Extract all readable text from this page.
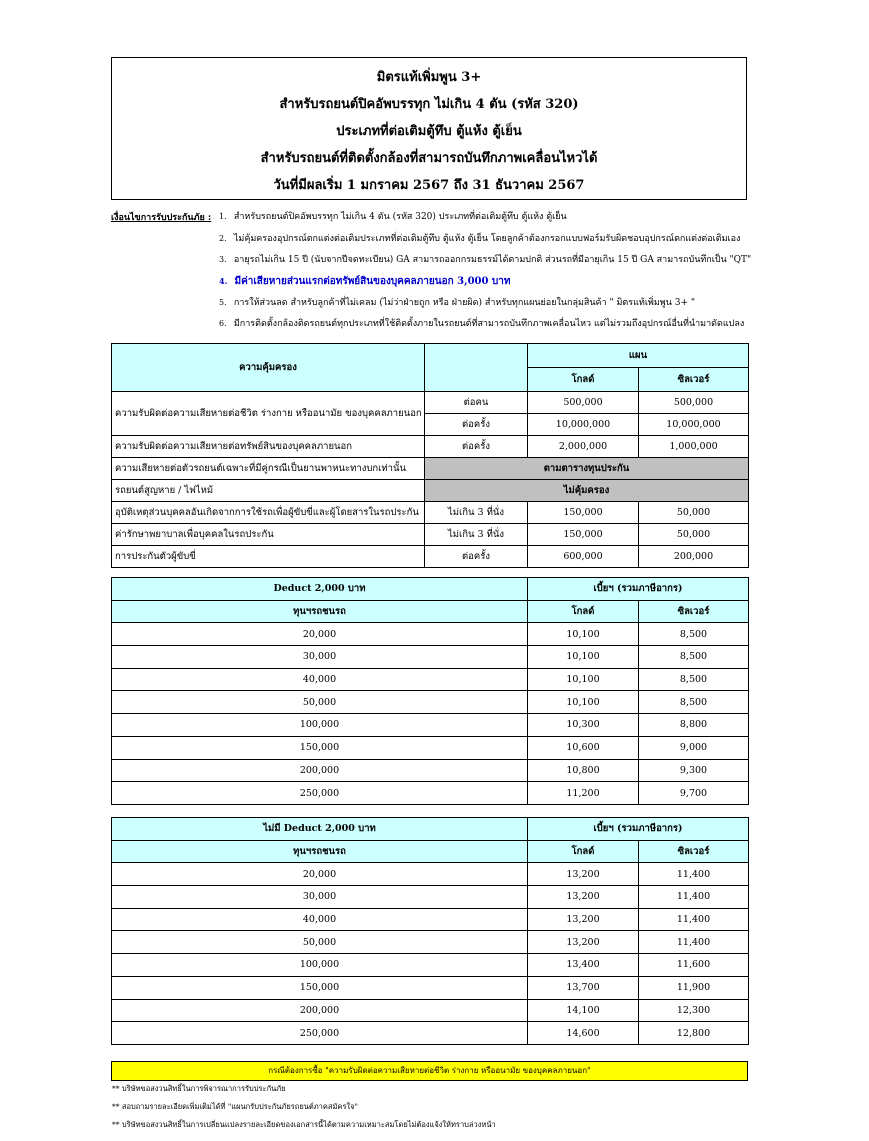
มิตรแท้เพิ่มพูน 3+
สำหรับรถยนต์ปิคอัพบรรทุก ไม่เกิน 4 ตัน (รหัส 320)
ประเภทที่ต่อเติมตู้ทึบ ตู้แห้ง ตู้เย็น
สำหรับรถยนต์ที่ติดตั้งกล้องที่สามารถบันทึกภาพเคลื่อนไหวได้
วันที่มีผลเริ่ม 1 มกราคม 2567 ถึง 31 ธันวาคม 2567
เงื่อนไขการรับประกันภัย : 1. สำหรับรถยนต์ปิคอัพบรรทุก ไม่เกิน 4 ตัน (รหัส 320) ประเภทที่ต่อเติมตู้ทึบ ตู้แห้ง ตู้เย็น
2. ไม่คุ้มครองอุปกรณ์ตกแต่งต่อเติมประเภทที่ต่อเติมตู้ทึบ ตู้แห้ง ตู้เย็น โดยลูกค้าต้องกรอกแบบฟอร์มรับผิดชอบอุปกรณ์ตกแต่งต่อเติมเอง
3. อายุรถไม่เกิน 15 ปี (นับจากปีจดทะเบียน) GA สามารถออกกรมธรรม์ได้ตามปกติ ส่วนรถที่มีอายุเกิน 15 ปี GA สามารถบันทึกเป็น "QT"
4. มีค่าเสียหายส่วนแรกต่อทรัพย์สินของบุคคลภายนอก 3,000 บาท
5. การให้ส่วนลด สำหรับลูกค้าที่ไม่เคลม (ไม่ว่าฝ่ายถูก หรือ ฝ่ายผิด) สำหรับทุกแผนย่อยในกลุ่มสินค้า " มิตรแท้เพิ่มพูน 3+ "
6. มีการติดตั้งกล้องติดรถยนต์ทุกประเภทที่ใช้ติดตั้งภายในรถยนต์ที่สามารถบันทึกภาพเคลื่อนไหว แต่ไม่รวมถึงอุปกรณ์อื่นที่นำมาดัดแปลง
ความคุ้มครอง		แผน	
		โกลด์	ซิลเวอร์
ความรับผิดต่อความเสียหายต่อชีวิต ร่างกาย หรืออนามัย ของบุคคลภายนอก	ต่อคน	500,000	500,000
	ต่อครั้ง	10,000,000	10,000,000
ความรับผิดต่อความเสียหายต่อทรัพย์สินของบุคคลภายนอก	ต่อครั้ง	2,000,000	1,000,000
ความเสียหายต่อตัวรถยนต์เฉพาะที่มีคู่กรณีเป็นยานพาหนะทางบกเท่านั้น	ตามตารางทุนประกัน		
รถยนต์สูญหาย / ไฟไหม้	ไม่คุ้มครอง		
อุบัติเหตุส่วนบุคคลอันเกิดจากการใช้รถเพื่อผู้ขับขี่และผู้โดยสารในรถประกัน	ไม่เกิน 3 ที่นั่ง	150,000	50,000
ค่ารักษาพยาบาลเพื่อบุคคลในรถประกัน	ไม่เกิน 3 ที่นั่ง	150,000	50,000
การประกันตัวผู้ขับขี่	ต่อครั้ง	600,000	200,000
Deduct 2,000 บาท	เบี้ยฯ (รวมภาษีอากร)	
ทุนฯรถชนรถ	โกลด์	ซิลเวอร์
20,000	10,100	8,500
30,000	10,100	8,500
40,000	10,100	8,500
50,000	10,100	8,500
100,000	10,300	8,800
150,000	10,600	9,000
200,000	10,800	9,300
250,000	11,200	9,700
ไม่มี Deduct 2,000 บาท	เบี้ยฯ (รวมภาษีอากร)	
ทุนฯรถชนรถ	โกลด์	ซิลเวอร์
20,000	13,200	11,400
30,000	13,200	11,400
40,000	13,200	11,400
50,000	13,200	11,400
100,000	13,400	11,600
150,000	13,700	11,900
200,000	14,100	12,300
250,000	14,600	12,800
กรณีต้องการซื้อ "ความรับผิดต่อความเสียหายต่อชีวิต ร่างกาย หรืออนามัย ของบุคคลภายนอก"
** บริษัทขอสงวนสิทธิ์ในการพิจารณาการรับประกันภัย
** สอบถามรายละเอียดเพิ่มเติมได้ที่ "แผนกรับประกันภัยรถยนต์ภาคสมัครใจ"
** บริษัทขอสงวนสิทธิ์ในการเปลี่ยนแปลงรายละเอียดของเอกสารนี้ได้ตามความเหมาะสมโดยไม่ต้องแจ้งให้ทราบล่วงหน้า
